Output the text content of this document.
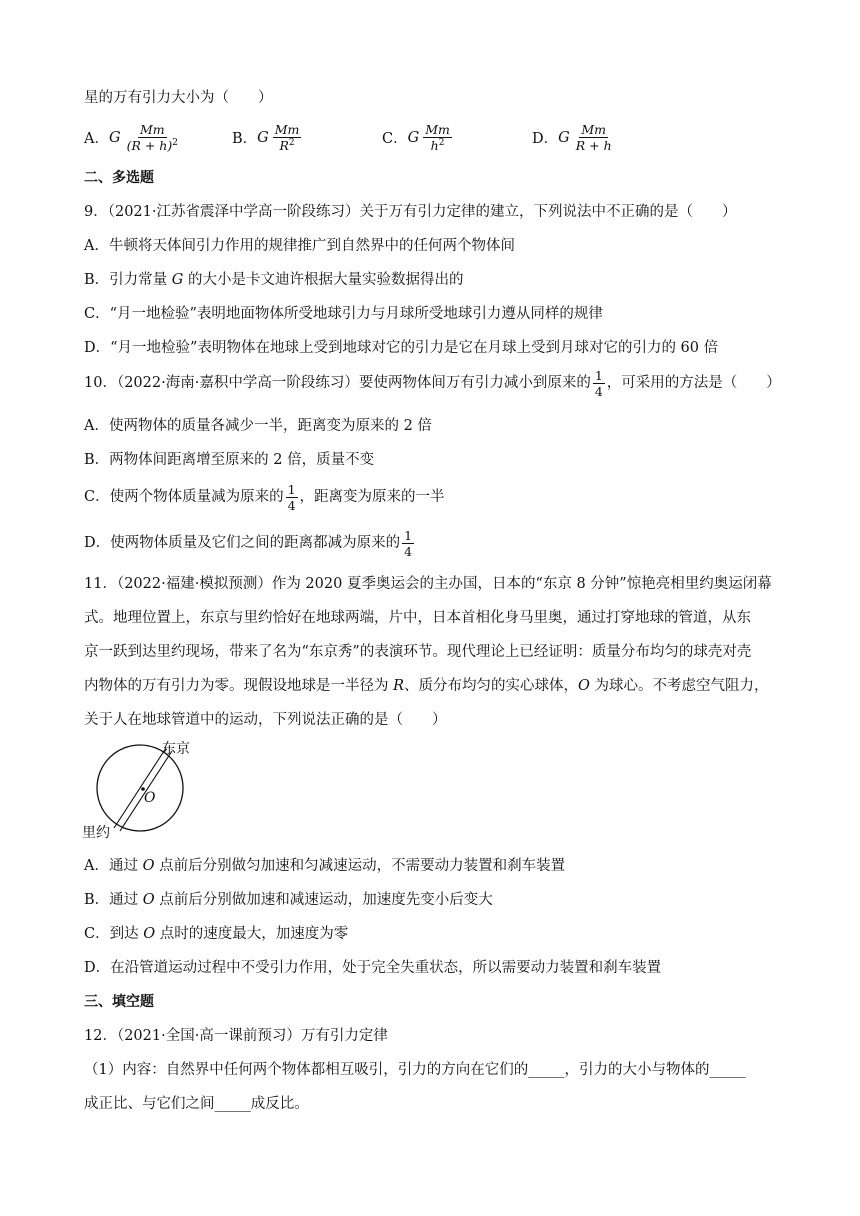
星的万有引力大小为（　　）
A． G $\frac{Mm}{(R + h)^2}$	B． G $\frac{Mm}{R^2}$	C． G $\frac{Mm}{h^2}$	D． G $\frac{Mm}{R + h}$
二、多选题
9．（2021·江苏省震泽中学高一阶段练习）关于万有引力定律的建立，下列说法中不正确的是（　　）
A．牛顿将天体间引力作用的规律推广到自然界中的任何两个物体间
B．引力常量 G 的大小是卡文迪许根据大量实验数据得出的
C．“月一地检验”表明地面物体所受地球引力与月球所受地球引力遵从同样的规律
D．“月一地检验”表明物体在地球上受到地球对它的引力是它在月球上受到月球对它的引力的 60 倍
10．（2022·海南·嘉积中学高一阶段练习）要使两物体间万有引力减小到原来的 $\frac{1}{4}$ ，可采用的方法是（　　）
A．使两物体的质量各减少一半，距离变为原来的 2 倍
B．两物体间距离增至原来的 2 倍，质量不变
C．使两个物体质量减为原来的 $\frac{1}{4}$ ，距离变为原来的一半
D．使两物体质量及它们之间的距离都减为原来的 $\frac{1}{4}$
11．（2022·福建·模拟预测）作为 2020 夏季奥运会的主办国，日本的“东京 8 分钟”惊艳亮相里约奥运闭幕
式。地理位置上，东京与里约恰好在地球两端，片中，日本首相化身马里奥，通过打穿地球的管道，从东
京一跃到达里约现场，带来了名为“东京秀”的表演环节。现代理论上已经证明：质量分布均匀的球壳对壳
内物体的万有引力为零。现假设地球是一半径为 R、质分布均匀的实心球体，O 为球心。不考虑空气阻力，
关于人在地球管道中的运动，下列说法正确的是（　　）
东京
O
里约
A．通过 O 点前后分别做匀加速和匀减速运动，不需要动力装置和刹车装置
B．通过 O 点前后分别做加速和减速运动，加速度先变小后变大
C．到达 O 点时的速度最大，加速度为零
D．在沿管道运动过程中不受引力作用，处于完全失重状态，所以需要动力装置和刹车装置
三、填空题
12．（2021·全国·高一课前预习）万有引力定律
（1）内容：自然界中任何两个物体都相互吸引，引力的方向在它们的_____，引力的大小与物体的_____
成正比、与它们之间_____成反比。
